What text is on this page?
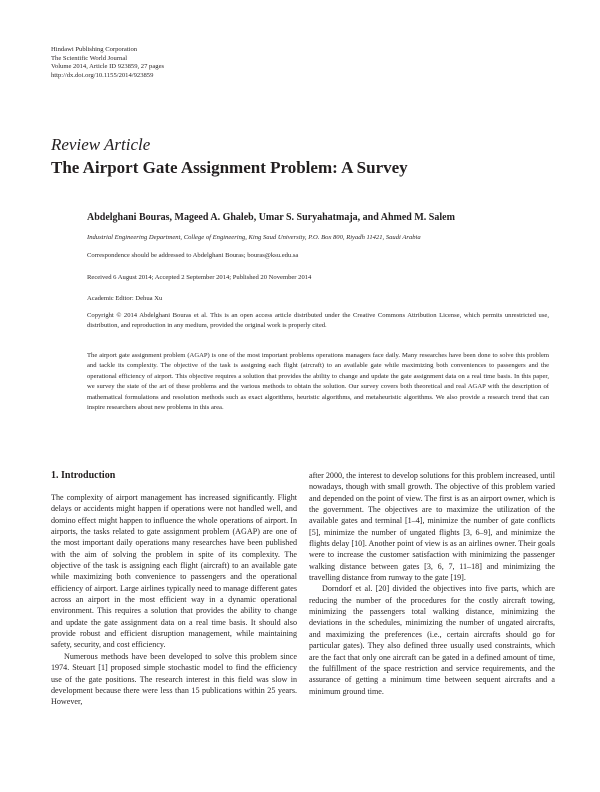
Hindawi Publishing Corporation
The Scientific World Journal
Volume 2014, Article ID 923859, 27 pages
http://dx.doi.org/10.1155/2014/923859
Review Article
The Airport Gate Assignment Problem: A Survey
Abdelghani Bouras, Mageed A. Ghaleb, Umar S. Suryahatmaja, and Ahmed M. Salem
Industrial Engineering Department, College of Engineering, King Saud University, P.O. Box 800, Riyadh 11421, Saudi Arabia
Correspondence should be addressed to Abdelghani Bouras; bouras@ksu.edu.sa
Received 6 August 2014; Accepted 2 September 2014; Published 20 November 2014
Academic Editor: Dehua Xu
Copyright © 2014 Abdelghani Bouras et al. This is an open access article distributed under the Creative Commons Attribution License, which permits unrestricted use, distribution, and reproduction in any medium, provided the original work is properly cited.
The airport gate assignment problem (AGAP) is one of the most important problems operations managers face daily. Many researches have been done to solve this problem and tackle its complexity. The objective of the task is assigning each flight (aircraft) to an available gate while maximizing both conveniences to passengers and the operational efficiency of airport. This objective requires a solution that provides the ability to change and update the gate assignment data on a real time basis. In this paper, we survey the state of the art of these problems and the various methods to obtain the solution. Our survey covers both theoretical and real AGAP with the description of mathematical formulations and resolution methods such as exact algorithms, heuristic algorithms, and metaheuristic algorithms. We also provide a research trend that can inspire researchers about new problems in this area.
1. Introduction

The complexity of airport management has increased significantly. Flight delays or accidents might happen if operations were not handled well, and domino effect might happen to influence the whole operations of airport. In airports, the tasks related to gate assignment problem (AGAP) are one of the most important daily operations many researches have been published with the aim of solving the problem in spite of its complexity. The objective of the task is assigning each flight (aircraft) to an available gate while maximizing both convenience to passengers and the operational efficiency of airport. Large airlines typically need to manage different gates across an airport in the most efficient way in a dynamic operational environment. This requires a solution that provides the ability to change and update the gate assignment data on a real time basis. It should also provide robust and efficient disruption management, while maintaining safety, security, and cost efficiency.

Numerous methods have been developed to solve this problem since 1974. Steuart [1] proposed simple stochastic model to find the efficiency use of the gate positions. The research interest in this field was slow in development because there were less than 15 publications within 25 years. However,

after 2000, the interest to develop solutions for this problem increased, until nowadays, though with small growth. The objective of this problem varied and depended on the point of view. The first is as an airport owner, which is the government. The objectives are to maximize the utilization of the available gates and terminal [1–4], minimize the number of gate conflicts [5], minimize the number of ungated flights [3, 6–9], and minimize the flights delay [10]. Another point of view is as an airlines owner. Their goals were to increase the customer satisfaction with minimizing the passenger walking distance between gates [3, 6, 7, 11–18] and minimizing the travelling distance from runway to the gate [19].

Dorndorf et al. [20] divided the objectives into five parts, which are reducing the number of the procedures for the costly aircraft towing, minimizing the passengers total walking distance, minimizing the deviations in the schedules, minimizing the number of ungated aircrafts, and maximizing the preferences (i.e., certain aircrafts should go for particular gates). They also defined three usually used constraints, which are the fact that only one aircraft can be gated in a defined amount of time, the fulfillment of the space restriction and service requirements, and the assurance of getting a minimum time between sequent aircrafts and a minimum ground time.
